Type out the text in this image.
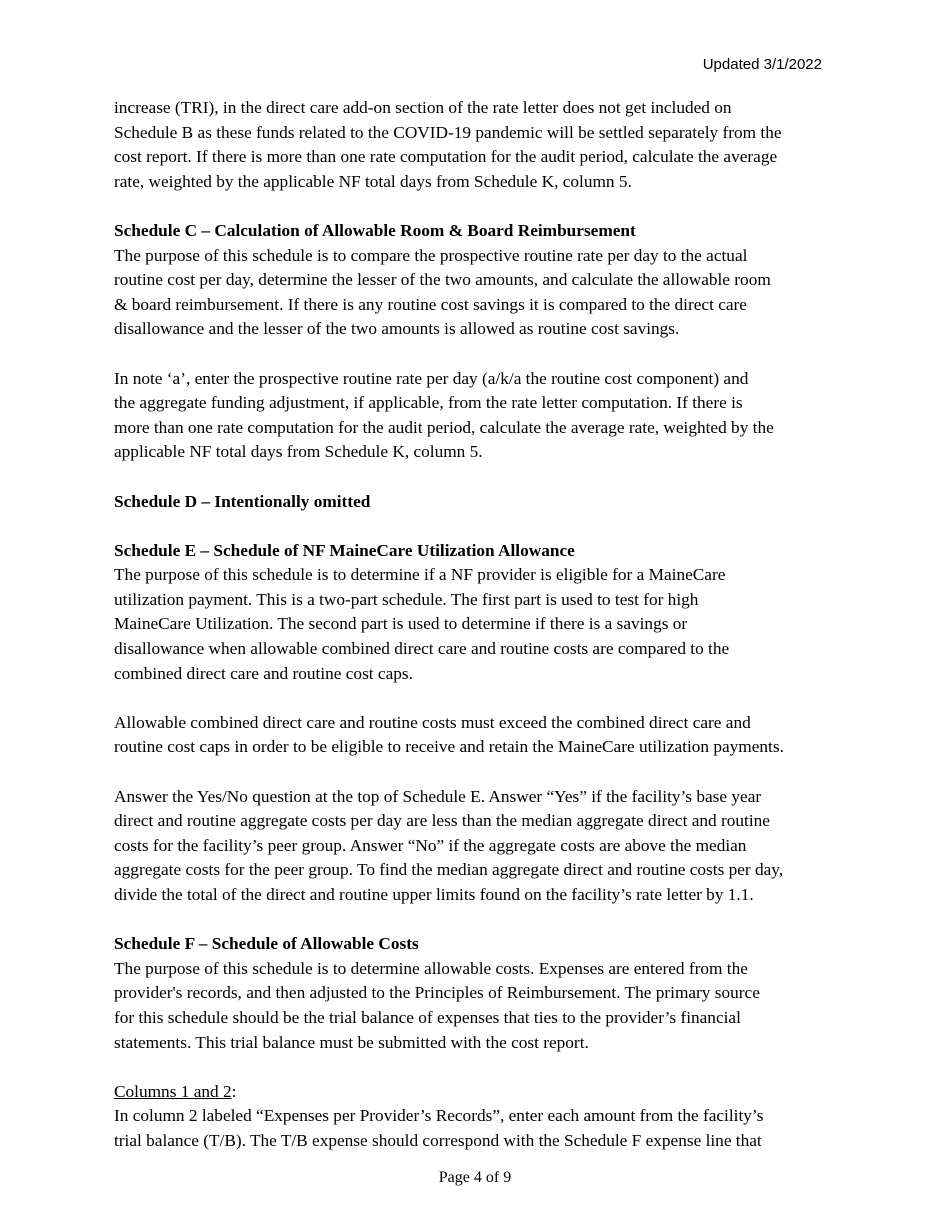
Updated 3/1/2022

increase (TRI), in the direct care add-on section of the rate letter does not get included on
Schedule B as these funds related to the COVID-19 pandemic will be settled separately from the
cost report. If there is more than one rate computation for the audit period, calculate the average
rate, weighted by the applicable NF total days from Schedule K, column 5.

Schedule C – Calculation of Allowable Room & Board Reimbursement

The purpose of this schedule is to compare the prospective routine rate per day to the actual
routine cost per day, determine the lesser of the two amounts, and calculate the allowable room
& board reimbursement. If there is any routine cost savings it is compared to the direct care
disallowance and the lesser of the two amounts is allowed as routine cost savings.

In note ‘a’, enter the prospective routine rate per day (a/k/a the routine cost component) and
the aggregate funding adjustment, if applicable, from the rate letter computation. If there is
more than one rate computation for the audit period, calculate the average rate, weighted by the
applicable NF total days from Schedule K, column 5.

Schedule D – Intentionally omitted

Schedule E – Schedule of NF MaineCare Utilization Allowance

The purpose of this schedule is to determine if a NF provider is eligible for a MaineCare
utilization payment. This is a two-part schedule. The first part is used to test for high
MaineCare Utilization. The second part is used to determine if there is a savings or
disallowance when allowable combined direct care and routine costs are compared to the
combined direct care and routine cost caps.

Allowable combined direct care and routine costs must exceed the combined direct care and
routine cost caps in order to be eligible to receive and retain the MaineCare utilization payments.

Answer the Yes/No question at the top of Schedule E. Answer “Yes” if the facility’s base year
direct and routine aggregate costs per day are less than the median aggregate direct and routine
costs for the facility’s peer group. Answer “No” if the aggregate costs are above the median
aggregate costs for the peer group. To find the median aggregate direct and routine costs per day,
divide the total of the direct and routine upper limits found on the facility’s rate letter by 1.1.

Schedule F – Schedule of Allowable Costs

The purpose of this schedule is to determine allowable costs. Expenses are entered from the
provider's records, and then adjusted to the Principles of Reimbursement. The primary source
for this schedule should be the trial balance of expenses that ties to the provider’s financial
statements. This trial balance must be submitted with the cost report.

Columns 1 and 2:

In column 2 labeled “Expenses per Provider’s Records”, enter each amount from the facility’s
trial balance (T/B). The T/B expense should correspond with the Schedule F expense line that

Page 4 of 9
